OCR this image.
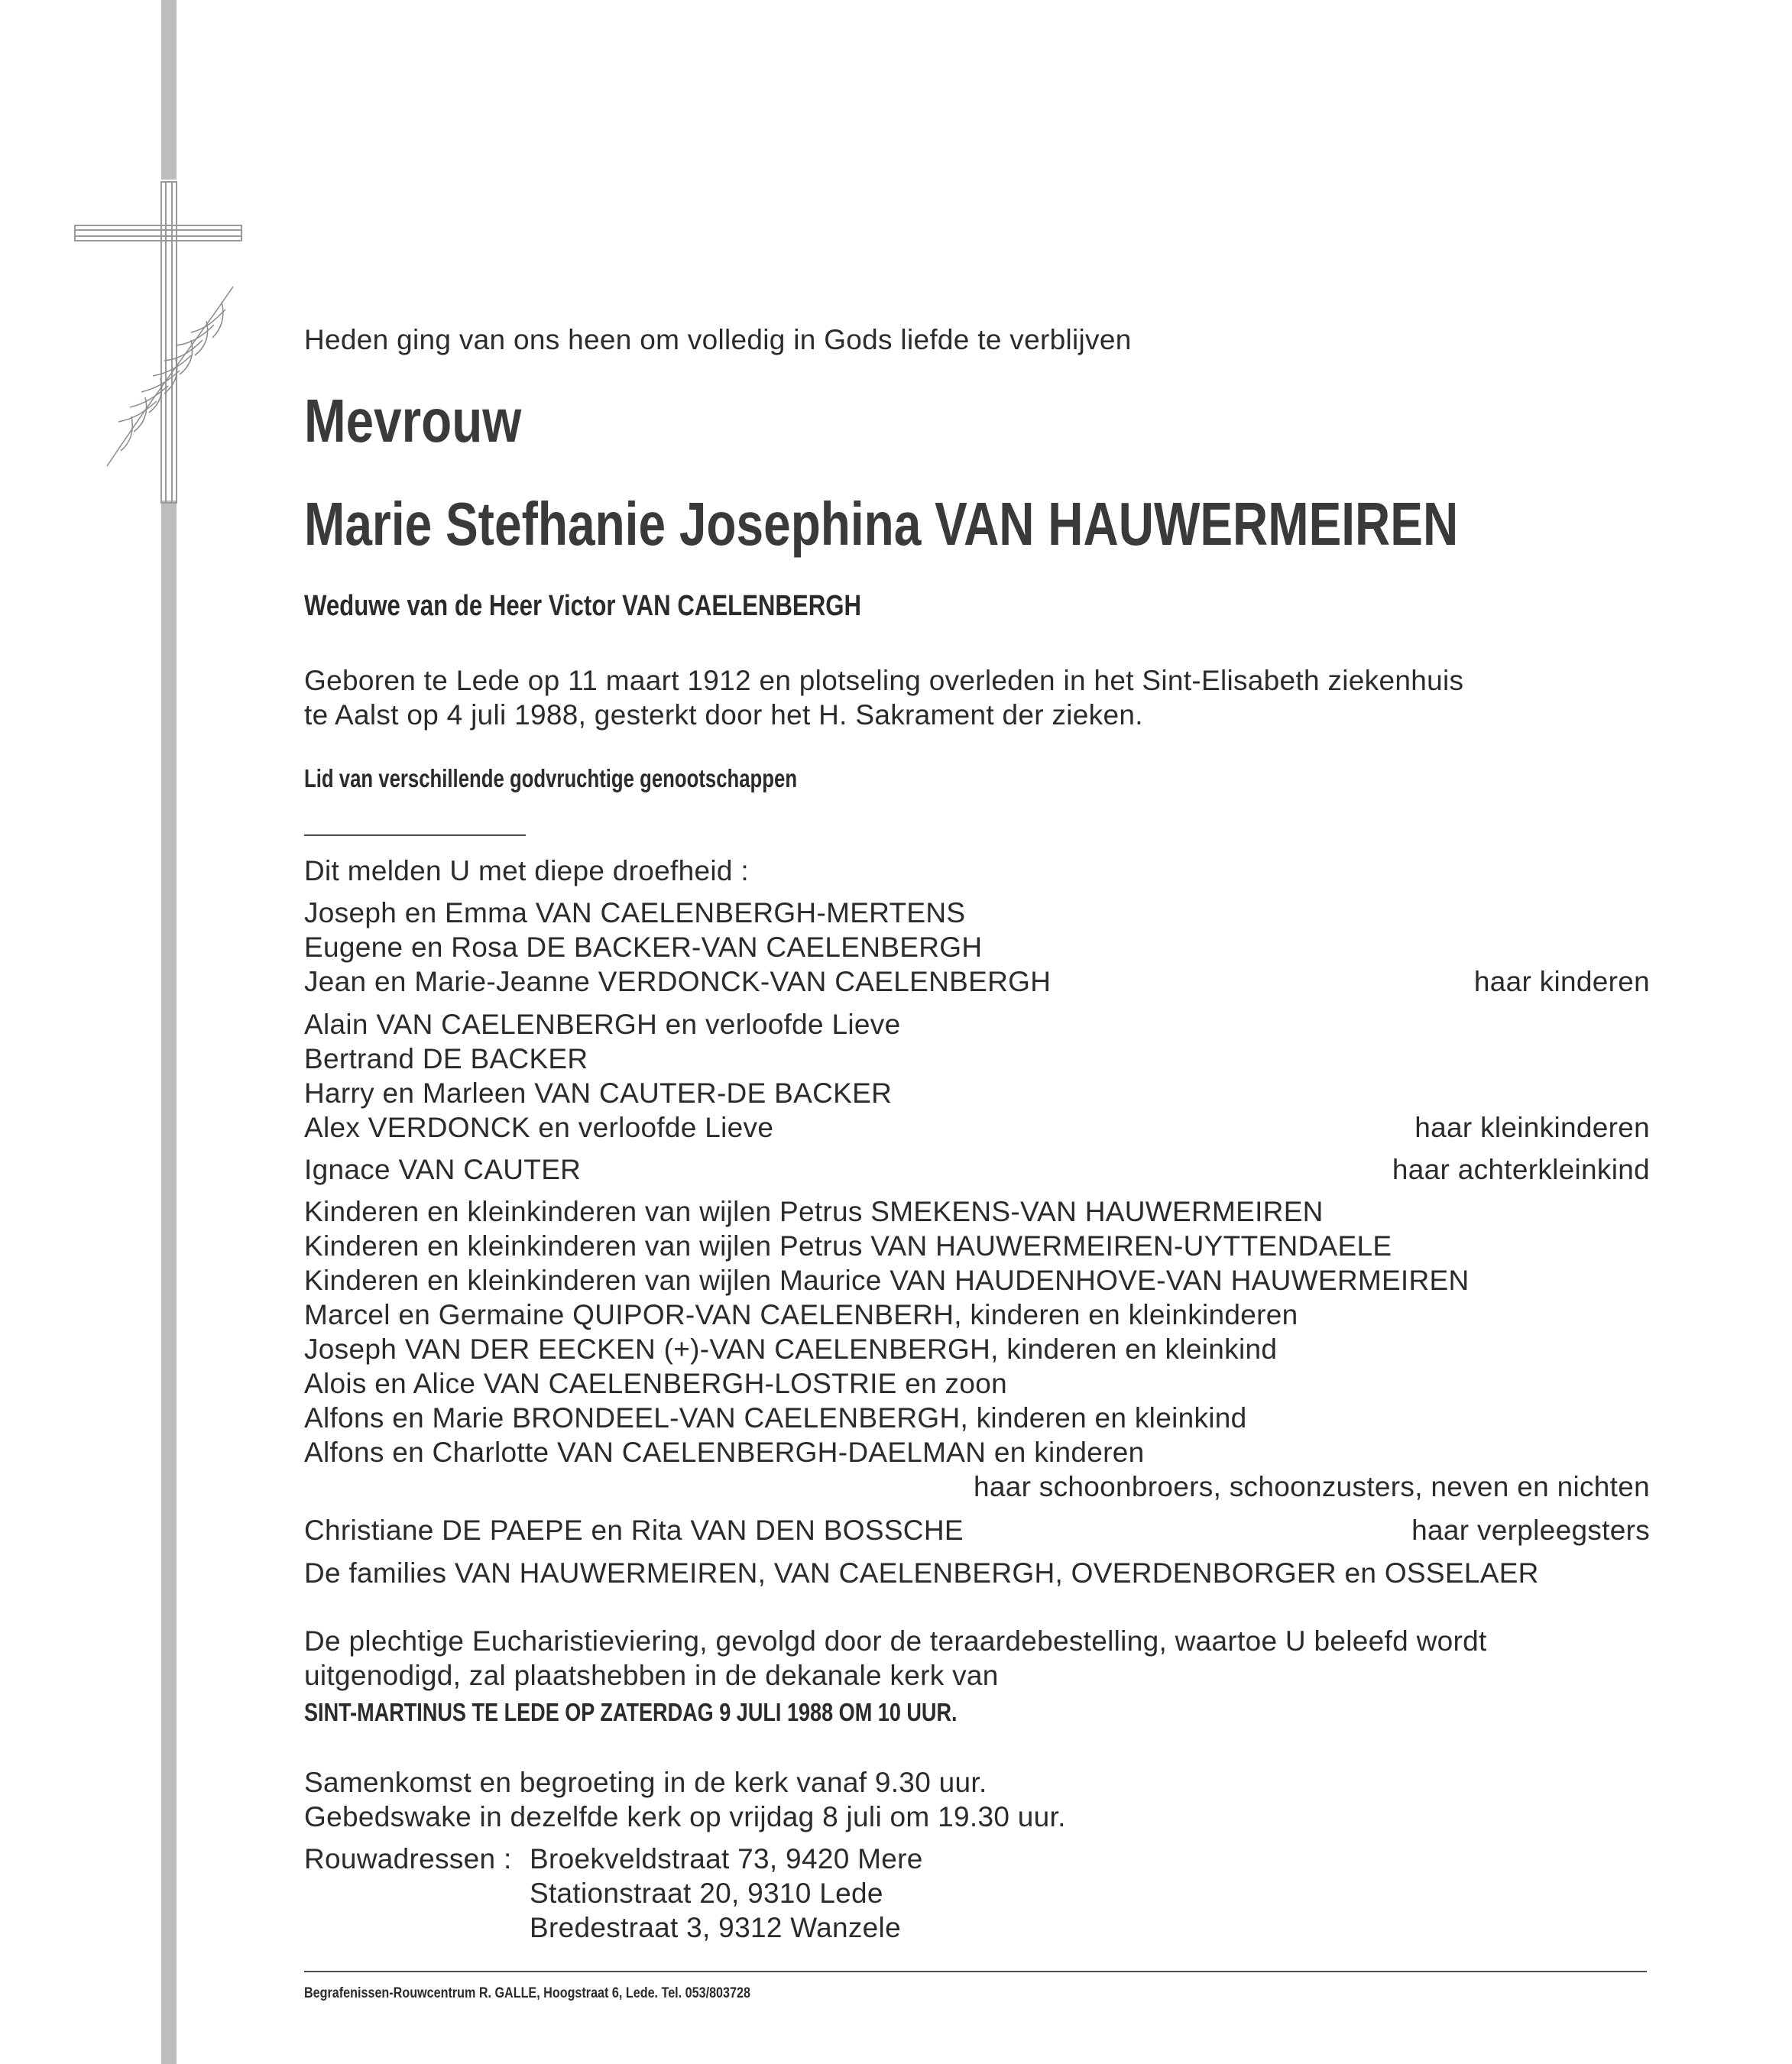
Heden ging van ons heen om volledig in Gods liefde te verblijven
Mevrouw
Marie Stefhanie Josephina VAN HAUWERMEIREN
Weduwe van de Heer Victor VAN CAELENBERGH
Geboren te Lede op 11 maart 1912 en plotseling overleden in het Sint-Elisabeth ziekenhuis
te Aalst op 4 juli 1988, gesterkt door het H. Sakrament der zieken.
Lid van verschillende godvruchtige genootschappen
Dit melden U met diepe droefheid :
Joseph en Emma VAN CAELENBERGH-MERTENS
Eugene en Rosa DE BACKER-VAN CAELENBERGH
Jean en Marie-Jeanne VERDONCK-VAN CAELENBERGH	haar kinderen
Alain VAN CAELENBERGH en verloofde Lieve
Bertrand DE BACKER
Harry en Marleen VAN CAUTER-DE BACKER
Alex VERDONCK en verloofde Lieve	haar kleinkinderen
Ignace VAN CAUTER	haar achterkleinkind
Kinderen en kleinkinderen van wijlen Petrus SMEKENS-VAN HAUWERMEIREN
Kinderen en kleinkinderen van wijlen Petrus VAN HAUWERMEIREN-UYTTENDAELE
Kinderen en kleinkinderen van wijlen Maurice VAN HAUDENHOVE-VAN HAUWERMEIREN
Marcel en Germaine QUIPOR-VAN CAELENBERH, kinderen en kleinkinderen
Joseph VAN DER EECKEN (+)-VAN CAELENBERGH, kinderen en kleinkind
Alois en Alice VAN CAELENBERGH-LOSTRIE en zoon
Alfons en Marie BRONDEEL-VAN CAELENBERGH, kinderen en kleinkind
Alfons en Charlotte VAN CAELENBERGH-DAELMAN en kinderen
haar schoonbroers, schoonzusters, neven en nichten
Christiane DE PAEPE en Rita VAN DEN BOSSCHE	haar verpleegsters
De families VAN HAUWERMEIREN, VAN CAELENBERGH, OVERDENBORGER en OSSELAER
De plechtige Eucharistieviering, gevolgd door de teraardebestelling, waartoe U beleefd wordt
uitgenodigd, zal plaatshebben in de dekanale kerk van
SINT-MARTINUS TE LEDE OP ZATERDAG 9 JULI 1988 OM 10 UUR.
Samenkomst en begroeting in de kerk vanaf 9.30 uur.
Gebedswake in dezelfde kerk op vrijdag 8 juli om 19.30 uur.
Rouwadressen : Broekveldstraat 73, 9420 Mere
Stationstraat 20, 9310 Lede
Bredestraat 3, 9312 Wanzele
Begrafenissen-Rouwcentrum R. GALLE, Hoogstraat 6, Lede. Tel. 053/803728
